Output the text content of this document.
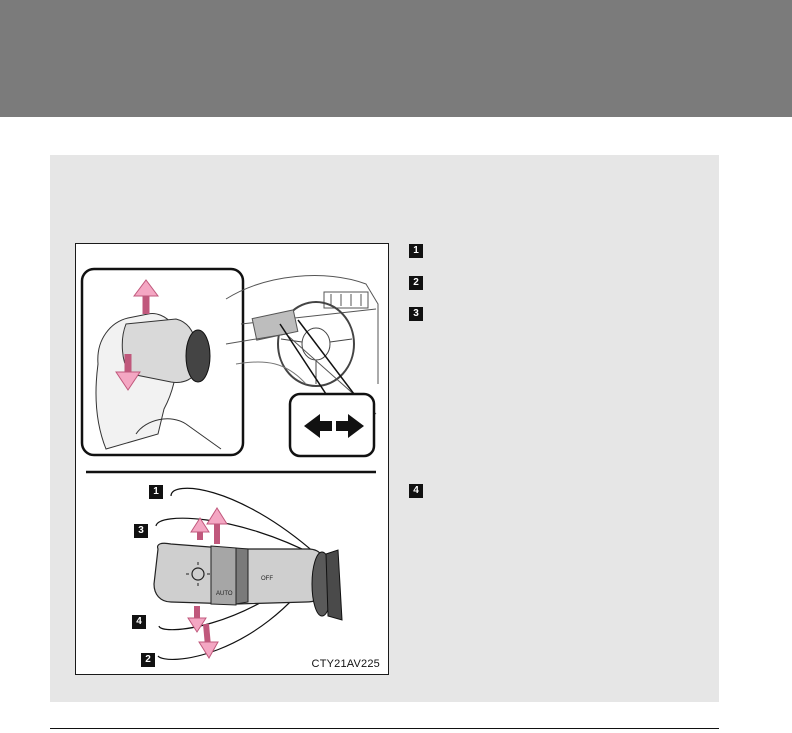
AUTO
OFF
1
3
4
2	CTY21AV225
1
2
3
4
